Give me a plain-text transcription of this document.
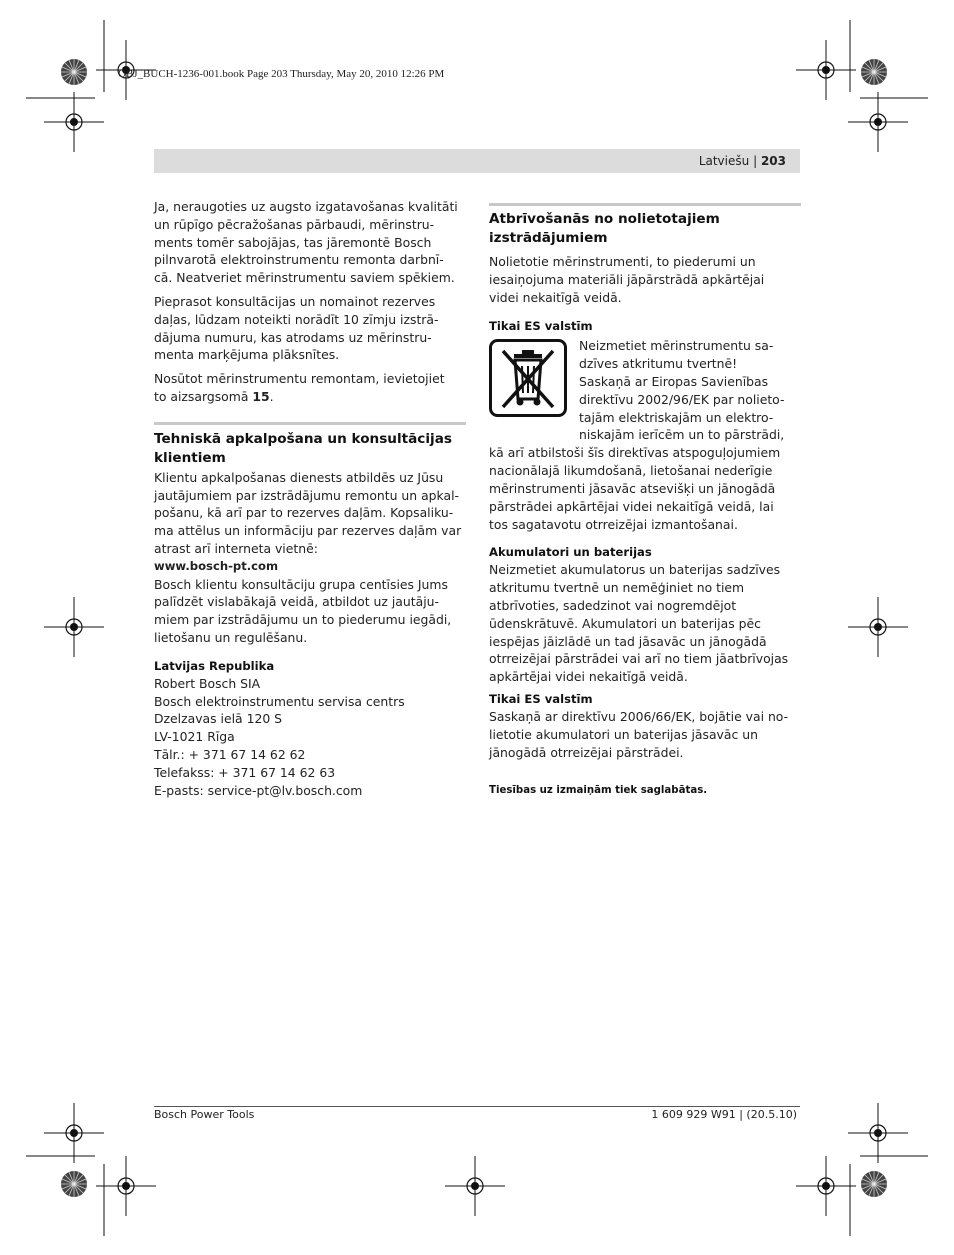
OBJ_BUCH-1236-001.book Page 203 Thursday, May 20, 2010 12:26 PM
Latviešu | 203

Ja, neraugoties uz augsto izgatavošanas kvalitāti
un rūpīgo pēcražošanas pārbaudi, mērinstru-
ments tomēr sabojājas, tas jāremontē Bosch
pilnvarotā elektroinstrumentu remonta darbnī-
cā. Neatveriet mērinstrumentu saviem spēkiem.

Pieprasot konsultācijas un nomainot rezerves
daļas, lūdzam noteikti norādīt 10 zīmju izstrā-
dājuma numuru, kas atrodams uz mērinstru-
menta marķējuma plāksnītes.

Nosūtot mērinstrumentu remontam, ievietojiet
to aizsargsomā 15.

Tehniskā apkalpošana un konsultācijas
klientiem

Klientu apkalpošanas dienests atbildēs uz Jūsu
jautājumiem par izstrādājumu remontu un apkal-
pošanu, kā arī par to rezerves daļām. Kopsaliku-
ma attēlus un informāciju par rezerves daļām var
atrast arī interneta vietnē:

www.bosch-pt.com

Bosch klientu konsultāciju grupa centīsies Jums
palīdzēt vislabākajā veidā, atbildot uz jautāju-
miem par izstrādājumu un to piederumu iegādi,
lietošanu un regulēšanu.

Latvijas Republika

Robert Bosch SIA
Bosch elektroinstrumentu servisa centrs
Dzelzavas ielā 120 S
LV-1021 Rīga
Tālr.: + 371 67 14 62 62
Telefakss: + 371 67 14 62 63
E-pasts: service-pt@lv.bosch.com

Atbrīvošanās no nolietotajiem
izstrādājumiem

Nolietotie mērinstrumenti, to piederumi un
iesaiņojuma materiāli jāpārstrādā apkārtējai
videi nekaitīgā veidā.

Tikai ES valstīm

Neizmetiet mērinstrumentu sa-
dzīves atkritumu tvertnē!
Saskaņā ar Eiropas Savienības
direktīvu 2002/96/EK par nolieto-
tajām elektriskajām un elektro-
niskajām ierīcēm un to pārstrādi,

kā arī atbilstoši šīs direktīvas atspoguļojumiem
nacionālajā likumdošanā, lietošanai nederīgie
mērinstrumenti jāsavāc atsevišķi un jānogādā
pārstrādei apkārtējai videi nekaitīgā veidā, lai
tos sagatavotu otrreizējai izmantošanai.

Akumulatori un baterijas

Neizmetiet akumulatorus un baterijas sadzīves
atkritumu tvertnē un nemēģiniet no tiem
atbrīvoties, sadedzinot vai nogremdējot
ūdenskrātuvē. Akumulatori un baterijas pēc
iespējas jāizlādē un tad jāsavāc un jānogādā
otrreizējai pārstrādei vai arī no tiem jāatbrīvojas
apkārtējai videi nekaitīgā veidā.

Tikai ES valstīm

Saskaņā ar direktīvu 2006/66/EK, bojātie vai no-
lietotie akumulatori un baterijas jāsavāc un
jānogādā otrreizējai pārstrādei.

Tiesības uz izmaiņām tiek saglabātas.

Bosch Power Tools	1 609 929 W91 | (20.5.10)
